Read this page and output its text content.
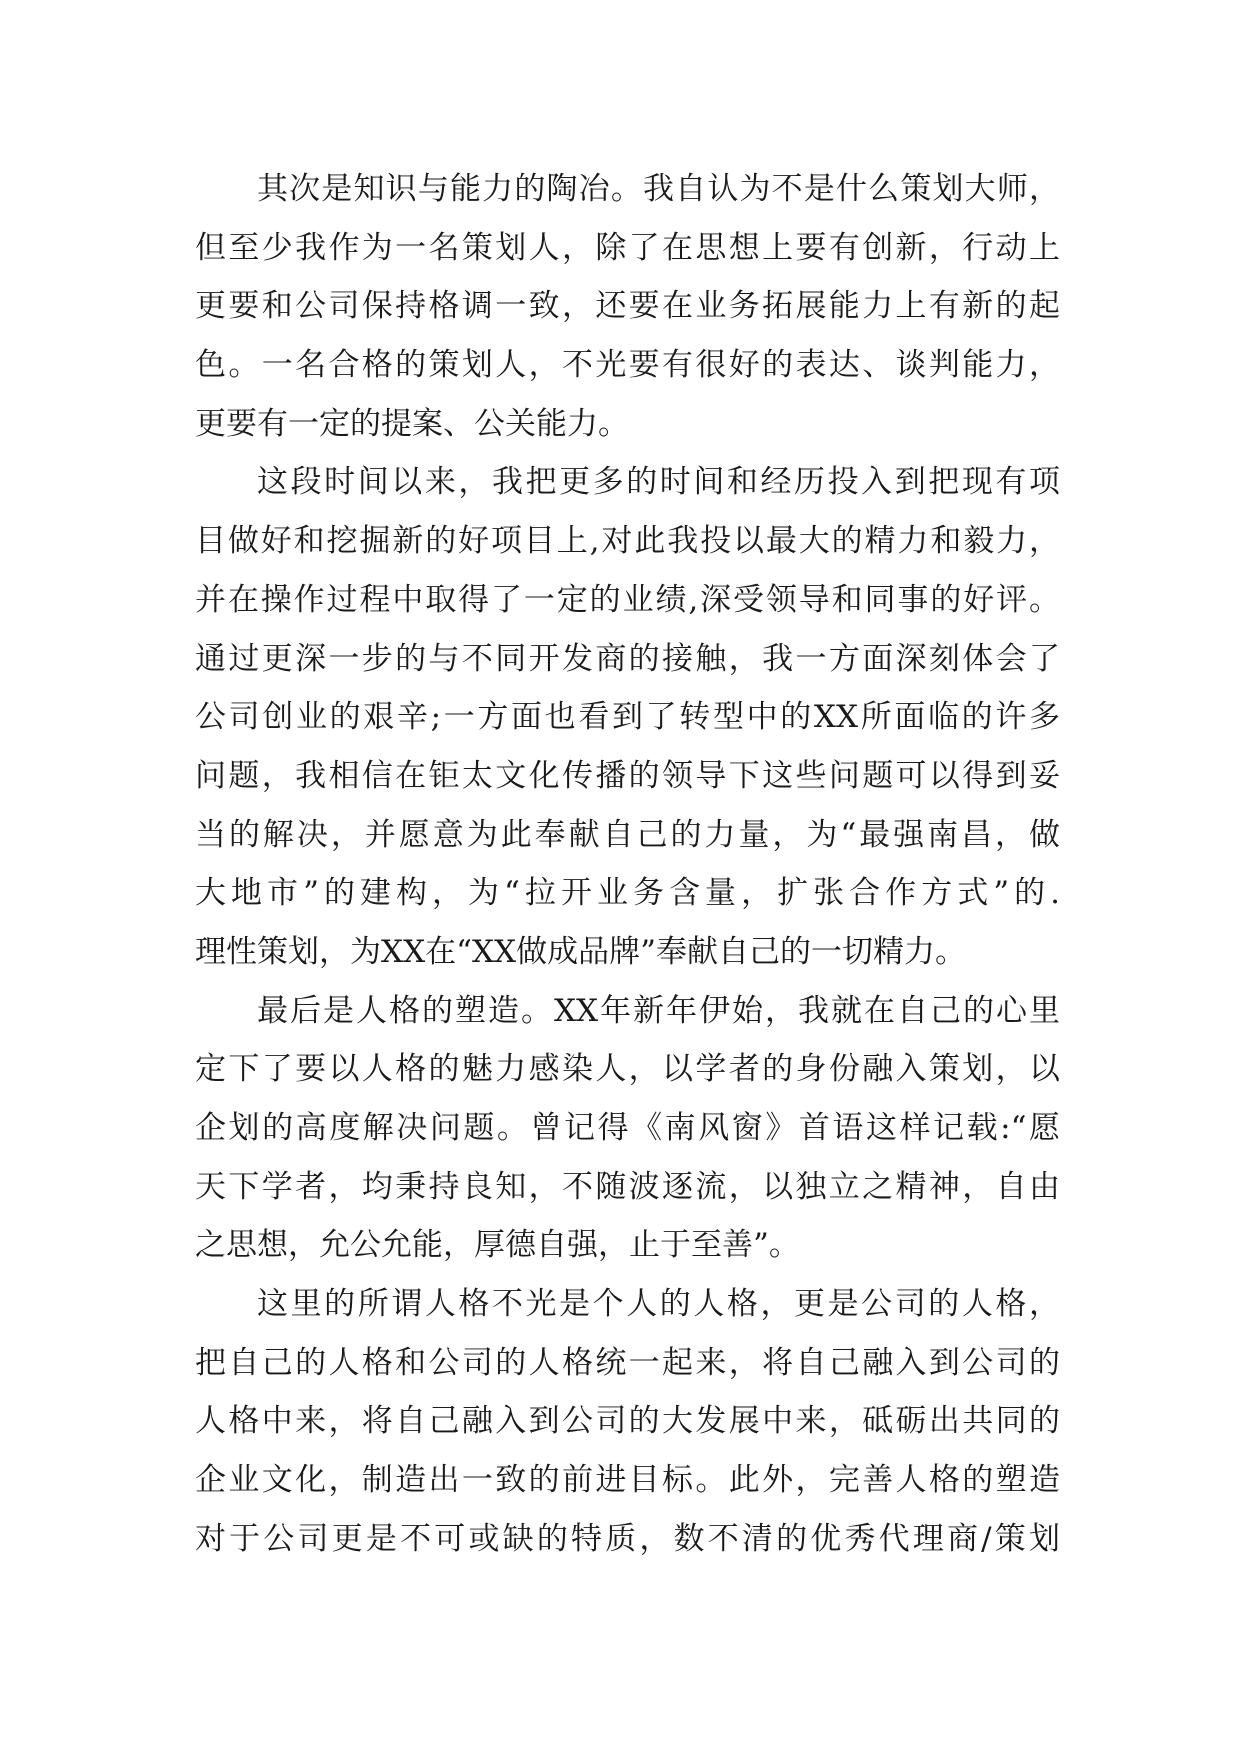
其次是知识与能力的陶冶。我自认为不是什么策划大师，
但至少我作为一名策划人，除了在思想上要有创新，行动上
更要和公司保持格调一致，还要在业务拓展能力上有新的起
色。一名合格的策划人，不光要有很好的表达、谈判能力，
更要有一定的提案、公关能力。
这段时间以来，我把更多的时间和经历投入到把现有项
目做好和挖掘新的好项目上,对此我投以最大的精力和毅力，
并在操作过程中取得了一定的业绩,深受领导和同事的好评。
通过更深一步的与不同开发商的接触，我一方面深刻体会了
公司创业的艰辛;一方面也看到了转型中的XX所面临的许多
问题，我相信在钜太文化传播的领导下这些问题可以得到妥
当的解决，并愿意为此奉献自己的力量，为“最强南昌，做
大地市”的建构，为“拉开业务含量，扩张合作方式”的.
理性策划，为XX在“XX做成品牌”奉献自己的一切精力。
最后是人格的塑造。XX年新年伊始，我就在自己的心里
定下了要以人格的魅力感染人，以学者的身份融入策划，以
企划的高度解决问题。曾记得《南风窗》首语这样记载:“愿
天下学者，均秉持良知，不随波逐流，以独立之精神，自由
之思想，允公允能，厚德自强，止于至善”。
这里的所谓人格不光是个人的人格，更是公司的人格，
把自己的人格和公司的人格统一起来，将自己融入到公司的
人格中来，将自己融入到公司的大发展中来，砥砺出共同的
企业文化，制造出一致的前进目标。此外，完善人格的塑造
对于公司更是不可或缺的特质，数不清的优秀代理商/策划
